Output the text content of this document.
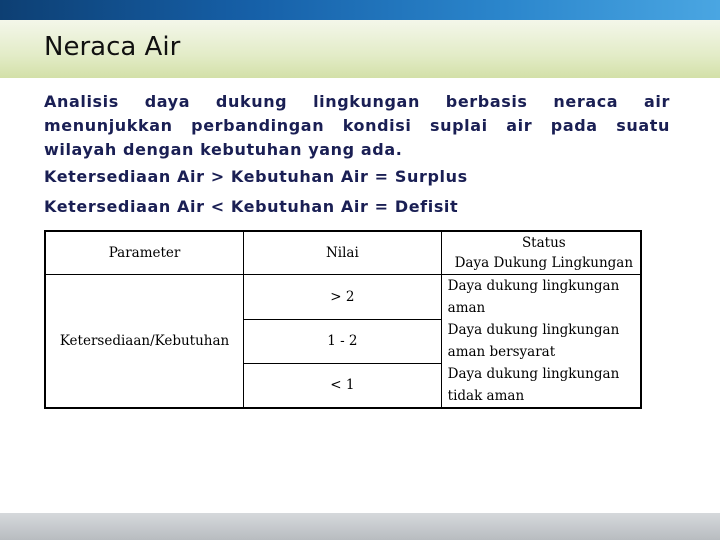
Neraca Air

Analisis daya dukung lingkungan berbasis neraca air menunjukkan perbandingan kondisi suplai air pada suatu wilayah dengan kebutuhan yang ada.

Ketersediaan Air > Kebutuhan Air = Surplus

Ketersediaan Air < Kebutuhan Air = Defisit

Parameter	Nilai	Status
Daya Dukung Lingkungan
Ketersediaan/Kebutuhan	> 2	Daya dukung lingkungan aman
	1 - 2	Daya dukung lingkungan aman bersyarat
	< 1	Daya dukung lingkungan tidak aman
